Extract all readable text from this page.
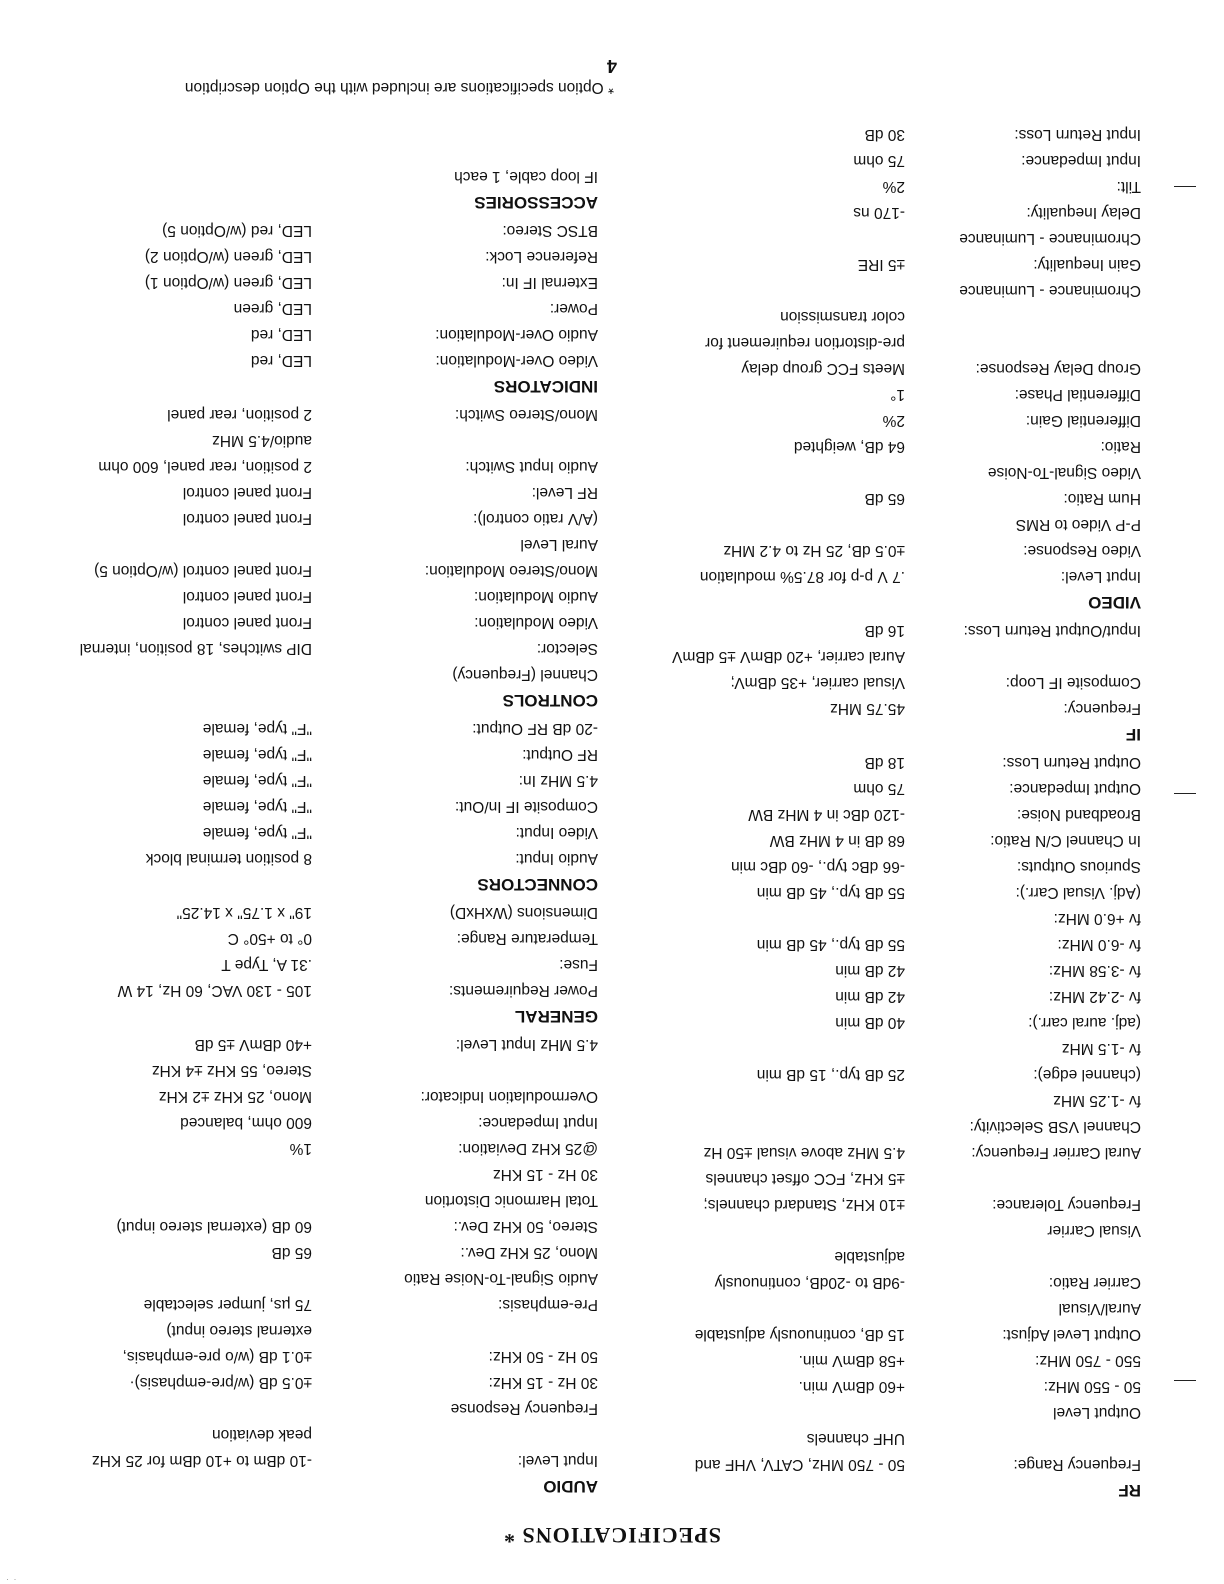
SPECIFICATIONS *
RF
Frequency Range:
50 - 750 MHz, CATV, VHF and
UHF channels
Output Level
50 - 550 MHz:
550 - 750 MHz:

+60 dBmV min.
+58 dBmV min.
Output Level Adjust:
15 dB, continuously adjustable
Aural/Visual
Carrier Ratio:

-9dB to -20dB, continuously
adjustable
Visual Carrier
Frequency Tolerance:

±10 KHz, Standard channels;
±5 KHz, FCC offset channels
Aural Carrier Frequency:
4.5 MHz above visual ±50 Hz
Channel VSB Selectivity:
fv -1.25 MHz
(channel edge):
fv -1.5 MHz
(adj. aural carr.):
fv -2.42 MHz:
fv -3.58 MHz:
fv -6.0 MHz:
fv +6.0 MHz:
(Adj. Visual Carr.):

25 dB typ., 15 dB min

40 dB min
42 dB min
42 dB min
55 dB typ., 45 dB min

55 dB typ., 45 dB min
Spurious Outputs:
-66 dBc typ., -60 dBc min
In Channel C/N Ratio:
68 dB in 4 MHz BW
Broadband Noise:
-120 dBc in 4 MHz BW
Output Impedance:
75 ohm
Output Return Loss:
18 dB
IF
Frequency:
45.75 MHz
Composite IF Loop:
Visual carrier, +35 dBmV;
Aural carrier, +20 dBmV ±5 dBmV
Input/Output Return Loss:
16 dB
VIDEO
Input Level:
.7 V p-p for 87.5% modulation
Video Response:
±0.5 dB, 25 Hz to 4.2 MHz
P-P Video to RMS
Hum Ratio:

65 dB
Video Signal-To-Noise
Ratio:

64 dB, weighted
Differential Gain:
2%
Differential Phase:
1°
Group Delay Response:
Meets FCC group delay
pre-distortion requirement for
color transmission
Chrominance - Luminance
Gain Inequality:

±5 IRE
Chrominance - Luminance
Delay Inequality:

-170 ns
Tilt:
2%
Input Impedance:
75 ohm
Input Return Loss:
30 dB
AUDIO
Input Level:
-10 dBm to +10 dBm for 25 KHz
peak deviation
Frequency Response
30 Hz - 15 KHz:
50 Hz - 50 KHz:

±0.5 dB (w/pre-emphasis)·
±0.1 dB (w/o pre-emphasis,
external stereo input)
Pre-emphasis:
75 µs, jumper selectable
Audio Signal-To-Noise Ratio
Mono, 25 KHz Dev.:
Stereo, 50 KHz Dev.:

65 dB
60 dB (external stereo input)
Total Harmonic Distortion
30 Hz - 15 KHz
@25 KHz Deviation:

1%
Input Impedance:
600 ohm, balanced
Overmodulation Indicator:
Mono, 25 KHz ±2 KHz
Stereo, 55 KHz ±4 KHz
4.5 MHz Input Level:
+40 dBmV ±5 dB
GENERAL
Power Requirements:
105 - 130 VAC, 60 Hz, 14 W
Fuse:
.31 A, Type T
Temperature Range:
0° to +50° C
Dimensions (WxHxD)
19" x 1.75" x 14.25"
CONNECTORS
Audio Input:
8 position terminal block
Video Input:
"F" type, female
Composite IF In/Out:
"F" type, female
4.5 MHz In:
"F" type, female
RF Output:
"F" type, female
-20 dB RF Output:
"F" type, female
CONTROLS
Channel (Frequency)
Selector:

DIP switches, 18 position, internal
Video Modulation:
Front panel control
Audio Modulation:
Front panel control
Mono/Stereo Modulation:
Front panel control (w/Option 5)
Aural Level
(A/V ratio control):

Front panel control
RF Level:
Front panel control
Audio Input Switch:
2 position, rear panel, 600 ohm
audio/4.5 MHz
Mono/Stereo Switch:
2 position, rear panel
INDICATORS
Video Over-Modulation:
LED, red
Audio Over-Modulation:
LED, red
Power:
LED, green
External IF In:
LED, green (w/Option 1)
Reference Lock:
LED, green (w/Option 2)
BTSC Stereo:
LED, red (w/Option 5)
ACCESSORIES
IF loop cable, 1 each
* Option specifications are included with the Option description
4
· ·
